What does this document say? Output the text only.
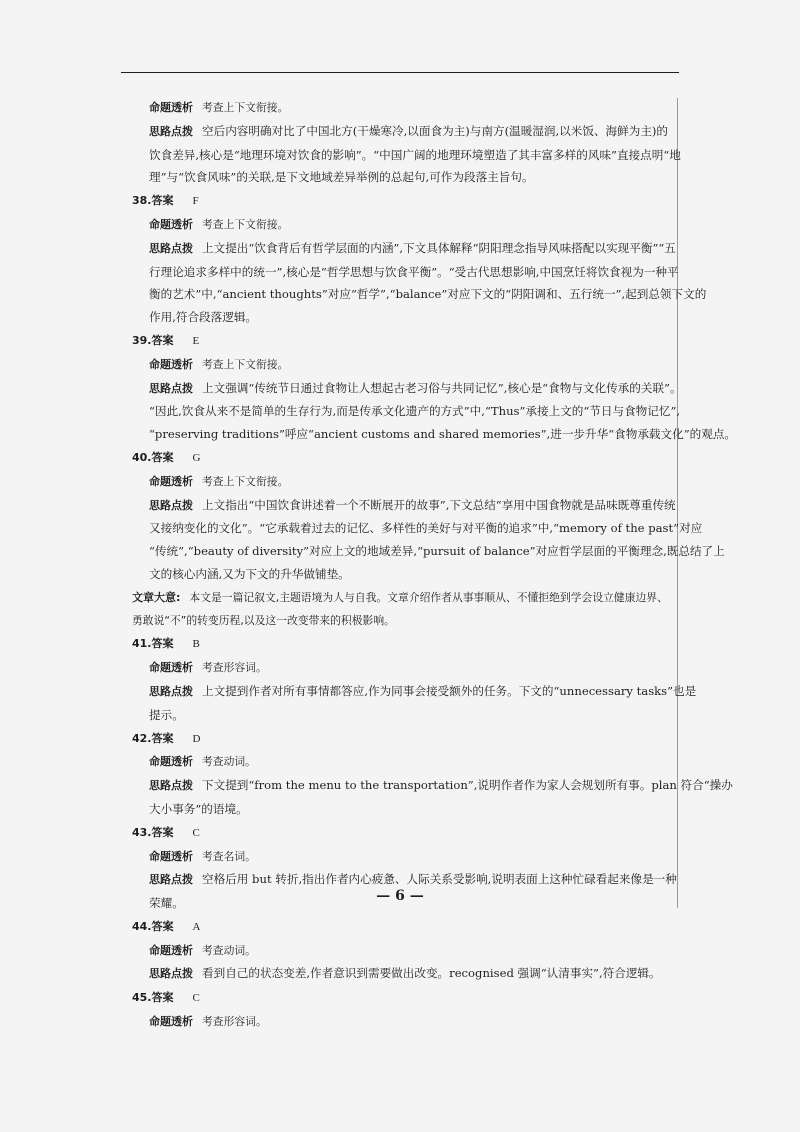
命题透析 考查上下文衔接。
思路点拨 空后内容明确对比了中国北方(干燥寒冷,以面食为主)与南方(温暖湿润,以米饭、海鲜为主)的
饮食差异,核心是“地理环境对饮食的影响”。“中国广阔的地理环境塑造了其丰富多样的风味”直接点明“地
理”与“饮食风味”的关联,是下文地域差异举例的总起句,可作为段落主旨句。
38.答案 F
命题透析 考查上下文衔接。
思路点拨 上文提出“饮食背后有哲学层面的内涵”,下文具体解释“阴阳理念指导风味搭配以实现平衡”“五
行理论追求多样中的统一”,核心是“哲学思想与饮食平衡”。“受古代思想影响,中国烹饪将饮食视为一种平
衡的艺术”中,“ancient thoughts”对应“哲学”,“balance”对应下文的“阴阳调和、五行统一”,起到总领下文的
作用,符合段落逻辑。
39.答案 E
命题透析 考查上下文衔接。
思路点拨 上文强调“传统节日通过食物让人想起古老习俗与共同记忆”,核心是“食物与文化传承的关联”。
“因此,饮食从来不是简单的生存行为,而是传承文化遗产的方式”中,“Thus”承接上文的“节日与食物记忆”,
“preserving traditions”呼应“ancient customs and shared memories”,进一步升华“食物承载文化”的观点。
40.答案 G
命题透析 考查上下文衔接。
思路点拨 上文指出“中国饮食讲述着一个不断展开的故事”,下文总结“享用中国食物就是品味既尊重传统
又接纳变化的文化”。“它承载着过去的记忆、多样性的美好与对平衡的追求”中,“memory of the past”对应
“传统”,“beauty of diversity”对应上文的地域差异,“pursuit of balance”对应哲学层面的平衡理念,既总结了上
文的核心内涵,又为下文的升华做铺垫。
文章大意: 本文是一篇记叙文,主题语境为人与自我。文章介绍作者从事事顺从、不懂拒绝到学会设立健康边界、
勇敢说“不”的转变历程,以及这一改变带来的积极影响。
41.答案 B
命题透析 考查形容词。
思路点拨 上文提到作者对所有事情都答应,作为同事会接受额外的任务。下文的“unnecessary tasks”也是
提示。
42.答案 D
命题透析 考查动词。
思路点拨 下文提到“from the menu to the transportation”,说明作者作为家人会规划所有事。plan 符合“操办
大小事务”的语境。
43.答案 C
命题透析 考查名词。
思路点拨 空格后用 but 转折,指出作者内心疲惫、人际关系受影响,说明表面上这种忙碌看起来像是一种
荣耀。
44.答案 A
命题透析 考查动词。
思路点拨 看到自己的状态变差,作者意识到需要做出改变。recognised 强调“认清事实”,符合逻辑。
45.答案 C
命题透析 考查形容词。
— 6 —
